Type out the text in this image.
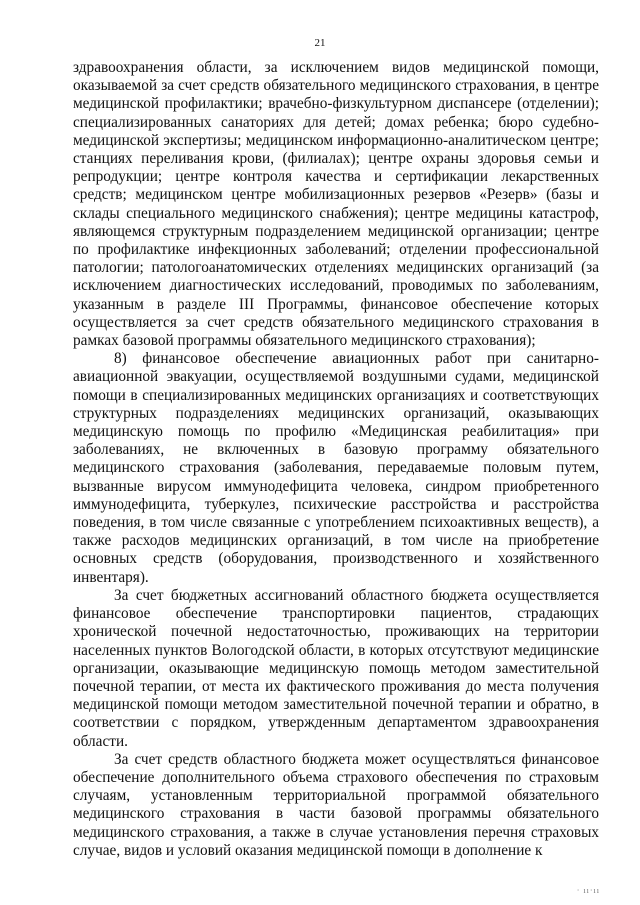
21

здравоохранения области, за исключением видов медицинской помощи, оказываемой за счет средств обязательного медицинского страхования, в центре медицинской профилактики; врачебно-физкультурном диспансере (отделении); специализированных санаториях для детей; домах ребенка; бюро судебно-медицинской экспертизы; медицинском информационно-аналитическом центре; станциях переливания крови, (филиалах); центре охраны здоровья семьи и репродукции; центре контроля качества и сертификации лекарственных средств; медицинском центре мобилизационных резервов «Резерв» (базы и склады специального медицинского снабжения); центре медицины катастроф, являющемся структурным подразделением медицинской организации; центре по профилактике инфекционных заболеваний; отделении профессиональной патологии; патологоанатомических отделениях медицинских организаций (за исключением диагностических исследований, проводимых по заболеваниям, указанным в разделе III Программы, финансовое обеспечение которых осуществляется за счет средств обязательного медицинского страхования в рамках базовой программы обязательного медицинского страхования);

8) финансовое обеспечение авиационных работ при санитарно-авиационной эвакуации, осуществляемой воздушными судами, медицинской помощи в специализированных медицинских организациях и соответствующих структурных подразделениях медицинских организаций, оказывающих медицинскую помощь по профилю «Медицинская реабилитация» при заболеваниях, не включенных в базовую программу обязательного медицинского страхования (заболевания, передаваемые половым путем, вызванные вирусом иммунодефицита человека, синдром приобретенного иммунодефицита, туберкулез, психические расстройства и расстройства поведения, в том числе связанные с употреблением психоактивных веществ), а также расходов медицинских организаций, в том числе на приобретение основных средств (оборудования, производственного и хозяйственного инвентаря).

За счет бюджетных ассигнований областного бюджета осуществляется финансовое обеспечение транспортировки пациентов, страдающих хронической почечной недостаточностью, проживающих на территории населенных пунктов Вологодской области, в которых отсутствуют медицинские организации, оказывающие медицинскую помощь методом заместительной почечной терапии, от места их фактического проживания до места получения медицинской помощи методом заместительной почечной терапии и обратно, в соответствии с порядком, утвержденным департаментом здравоохранения области.

За счет средств областного бюджета может осуществляться финансовое обеспечение дополнительного объема страхового обеспечения по страховым случаям, установленным территориальной программой обязательного медицинского страхования в части базовой программы обязательного медицинского страхования, а также в случае установления перечня страховых случае, видов и условий оказания медицинской помощи в дополнение к

· ıı·ıı
